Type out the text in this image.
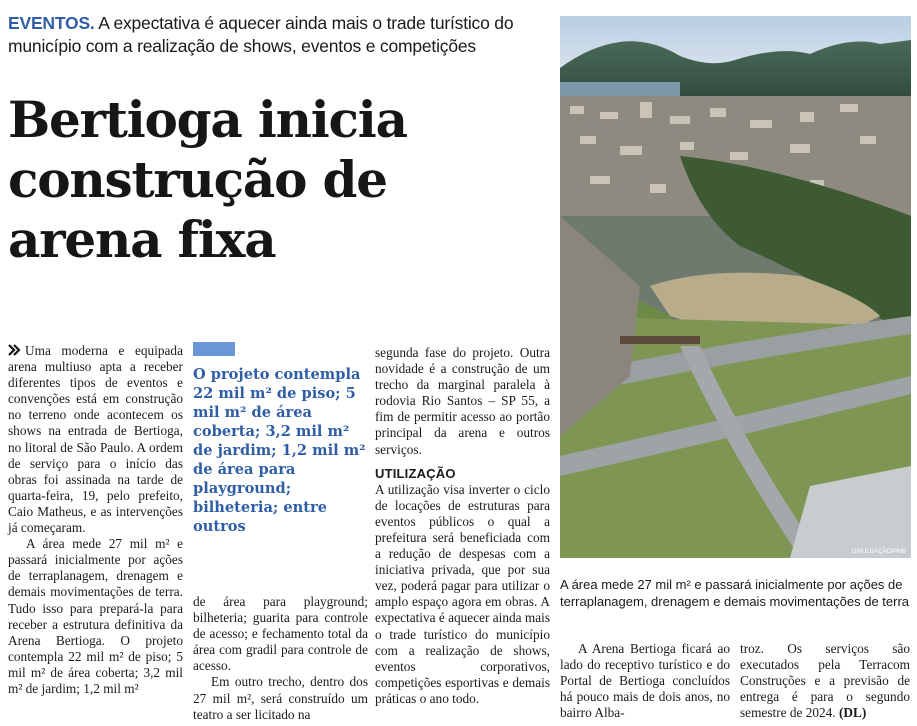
EVENTOS. A expectativa é aquecer ainda mais o trade turístico do município com a realização de shows, eventos e competições
Bertioga inicia construção de arena fixa
DIVULGAÇÃO/PMB
A área mede 27 mil m² e passará inicialmente por ações de terraplanagem, drenagem e demais movimentações de terra

Uma moderna e equipada arena multiuso apta a receber diferentes tipos de eventos e convenções está em construção no terreno onde acontecem os shows na entrada de Bertioga, no litoral de São Paulo. A ordem de serviço para o início das obras foi assinada na tarde de quarta-feira, 19, pelo prefeito, Caio Matheus, e as intervenções já começaram.

A área mede 27 mil m² e passará inicialmente por ações de terraplanagem, drenagem e demais movimentações de terra. Tudo isso para prepará-la para receber a estrutura definitiva da Arena Bertioga. O projeto contempla 22 mil m² de piso; 5 mil m² de área coberta; 3,2 mil m² de jardim; 1,2 mil m²

O projeto contempla 22 mil m² de piso; 5 mil m² de área coberta; 3,2 mil m² de jardim; 1,2 mil m² de área para playground; bilheteria; entre outros

de área para playground; bilheteria; guarita para controle de acesso; e fechamento total da área com gradil para controle de acesso.

Em outro trecho, dentro dos 27 mil m², será construído um teatro a ser licitado na

segunda fase do projeto. Outra novidade é a construção de um trecho da marginal paralela à rodovia Rio Santos – SP 55, a fim de permitir acesso ao portão principal da arena e outros serviços.

UTILIZAÇÃO

A utilização visa inverter o ciclo de locações de estruturas para eventos públicos o qual a prefeitura será beneficiada com a redução de despesas com a iniciativa privada, que por sua vez, poderá pagar para utilizar o amplo espaço agora em obras. A expectativa é aquecer ainda mais o trade turístico do município com a realização de shows, eventos corporativos, competições esportivas e demais práticas o ano todo.

A Arena Bertioga ficará ao lado do receptivo turístico e do Portal de Bertioga concluídos há pouco mais de dois anos, no bairro Alba-

troz. Os serviços são executados pela Terracom Construções e a previsão de entrega é para o segundo semestre de 2024. (DL)
